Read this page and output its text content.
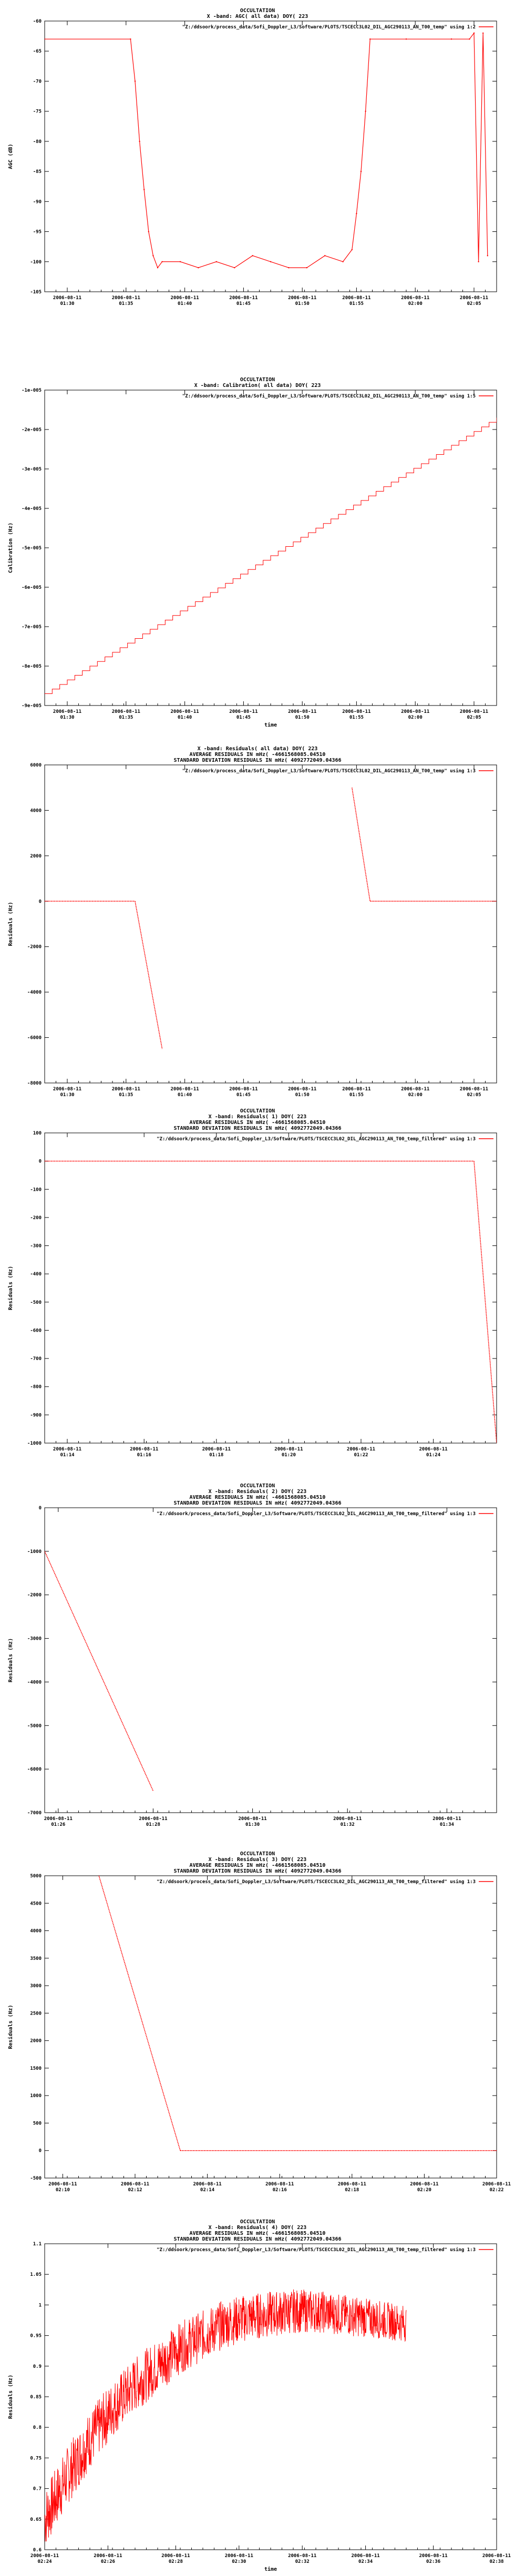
OCCULTATION
X -band: AGC( all data) DOY( 223
-60
-65
-70
-75
-80
-85
-90
-95
-100
-105
2006-08-11
01:30
2006-08-11
01:35
2006-08-11
01:40
2006-08-11
01:45
2006-08-11
01:50
2006-08-11
01:55
2006-08-11
02:00
2006-08-11
02:05
AGC (dB)
"Z:/ddsoork/process_data/Sofi_Doppler_L3/Software/PLOTS/TSCECC3L02_DIL_AGC290113_AN_T00_temp" using 1:2
OCCULTATION
X -band: Calibration( all data) DOY( 223
-1e-005
-2e-005
-3e-005
-4e-005
-5e-005
-6e-005
-7e-005
-8e-005
-9e-005
2006-08-11
01:30
2006-08-11
01:35
2006-08-11
01:40
2006-08-11
01:45
2006-08-11
01:50
2006-08-11
01:55
2006-08-11
02:00
2006-08-11
02:05
Calibration (Hz)
time
"Z:/ddsoork/process_data/Sofi_Doppler_L3/Software/PLOTS/TSCECC3L02_DIL_AGC290113_AN_T00_temp" using 1:5
X -band: Residuals( all data) DOY( 223
AVERAGE RESIDUALS IN mHz( -4661568085.04510
STANDARD DEVIATION RESIDUALS IN mHz( 4092772049.04366
6000
4000
2000
0
-2000
-4000
-6000
-8000
2006-08-11
01:30
2006-08-11
01:35
2006-08-11
01:40
2006-08-11
01:45
2006-08-11
01:50
2006-08-11
01:55
2006-08-11
02:00
2006-08-11
02:05
Residuals (Hz)
"Z:/ddsoork/process_data/Sofi_Doppler_L3/Software/PLOTS/TSCECC3L02_DIL_AGC290113_AN_T00_temp" using 1:3
OCCULTATION
X -band: Residuals( 1) DOY( 223
AVERAGE RESIDUALS IN mHz( -4661568085.04510
STANDARD DEVIATION RESIDUALS IN mHz( 4092772049.04366
100
0
-100
-200
-300
-400
-500
-600
-700
-800
-900
-1000
2006-08-11
01:14
2006-08-11
01:16
2006-08-11
01:18
2006-08-11
01:20
2006-08-11
01:22
2006-08-11
01:24
Residuals (Hz)
"Z:/ddsoork/process_data/Sofi_Doppler_L3/Software/PLOTS/TSCECC3L02_DIL_AGC290113_AN_T00_temp_filtered" using 1:3
OCCULTATION
X -band: Residuals( 2) DOY( 223
AVERAGE RESIDUALS IN mHz( -4661568085.04510
STANDARD DEVIATION RESIDUALS IN mHz( 4092772049.04366
0
-1000
-2000
-3000
-4000
-5000
-6000
-7000
2006-08-11
01:26
2006-08-11
01:28
2006-08-11
01:30
2006-08-11
01:32
2006-08-11
01:34
Residuals (Hz)
"Z:/ddsoork/process_data/Sofi_Doppler_L3/Software/PLOTS/TSCECC3L02_DIL_AGC290113_AN_T00_temp_filtered" using 1:3
OCCULTATION
X -band: Residuals( 3) DOY( 223
AVERAGE RESIDUALS IN mHz( -4661568085.04510
STANDARD DEVIATION RESIDUALS IN mHz( 4092772049.04366
5000
4500
4000
3500
3000
2500
2000
1500
1000
500
0
-500
2006-08-11
02:10
2006-08-11
02:12
2006-08-11
02:14
2006-08-11
02:16
2006-08-11
02:18
2006-08-11
02:20
2006-08-11
02:22
Residuals (Hz)
"Z:/ddsoork/process_data/Sofi_Doppler_L3/Software/PLOTS/TSCECC3L02_DIL_AGC290113_AN_T00_temp_filtered" using 1:3
OCCULTATION
X -band: Residuals( 4) DOY( 223
AVERAGE RESIDUALS IN mHz( -4661568085.04510
STANDARD DEVIATION RESIDUALS IN mHz( 4092772049.04366
1.1
1.05
1
0.95
0.9
0.85
0.8
0.75
0.7
0.65
0.6
2006-08-11
02:24
2006-08-11
02:26
2006-08-11
02:28
2006-08-11
02:30
2006-08-11
02:32
2006-08-11
02:34
2006-08-11
02:36
2006-08-11
02:38
Residuals (Hz)
time
"Z:/ddsoork/process_data/Sofi_Doppler_L3/Software/PLOTS/TSCECC3L02_DIL_AGC290113_AN_T00_temp_filtered" using 1:3
